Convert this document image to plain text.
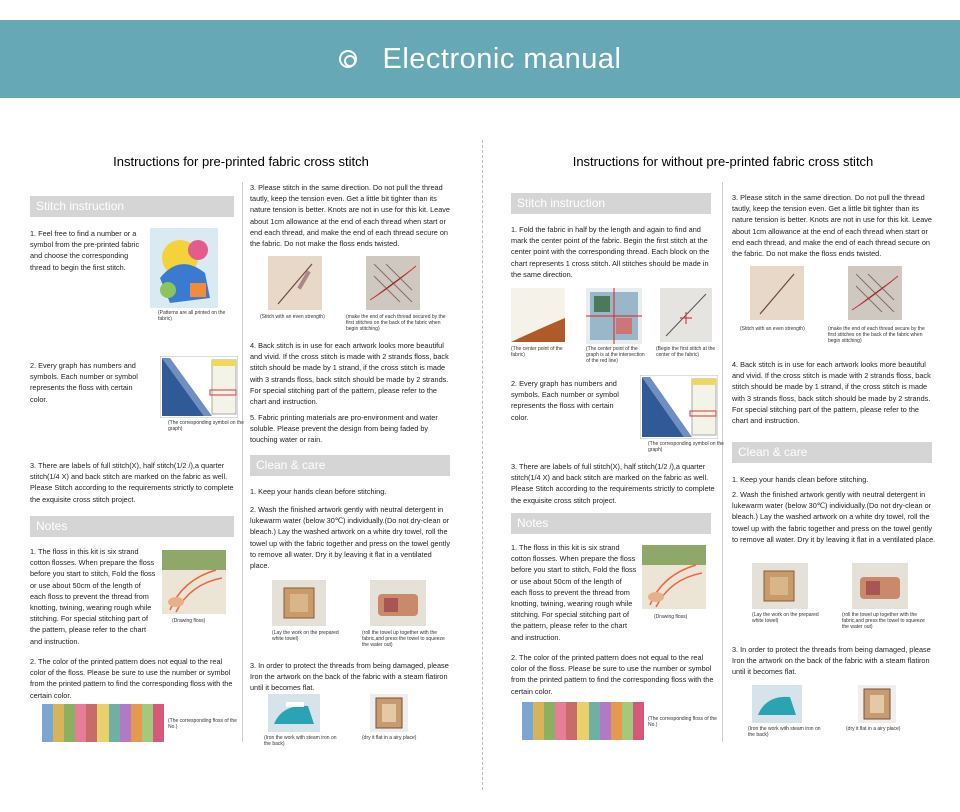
Electronic manual
Instructions for pre-printed fabric cross stitch
Stitch instruction
1. Feel free to find a number or a symbol from the pre-printed fabric and choose the corresponding thread to begin the first stitch.
(Patterns are all printed on the fabric)
2. Every graph has numbers and symbols. Each number or symbol represents the floss with certain color.
(The corresponding symbol on the graph)
3. There are labels of full stitch(X), half stitch(1/2 /),a quarter stitch(1/4 X) and back stitch are marked on the fabric as well. Please Stitch according to the requirements strictly to complete the exquisite cross stitch project.
Notes
1. The floss in this kit is six strand cotton flosses. When prepare the floss before you start to stitch, Fold the floss or use about 50cm of the length of each floss to prevent the thread from knotting, twining, wearing rough while stitching. For special stitching part of the pattern, please refer to the chart and instruction.
(Drawing floss)
2. The color of the printed pattern does not equal to the real color of the floss. Please be sure to use the number or symbol from the printed pattern to find the corresponding floss with the certain color.
(The corresponding floss of the No.)
3. Please stitch in the same direction. Do not pull the thread tautly, keep the tension even. Get a little bit tighter than its nature tension is better. Knots are not in use for this kit. Leave about 1cm allowance at the end of each thread when start or end each thread, and make the end of each thread secure on the fabric. Do not make the floss ends twisted.
(Stitch with an even strength)	(make the end of each thread secured by the first stitches on the back of the fabric when begin stitching)
4. Back stitch is in use for each artwork looks more beautiful and vivid. If the cross stitch is made with 2 strands floss, back stitch should be made by 1 strand, if the cross stitch is made with 3 strands floss, back stitch should be made by 2 strands. For special stitching part of the pattern, please refer to the chart and instruction.
5. Fabric printing materials are pro-environment and water soluble. Please prevent the design from being faded by touching water or rain.
Clean & care
1. Keep your hands clean before stitching.
2. Wash the finished artwork gently with neutral detergent in lukewarm water (below 30℃) individually.(Do not dry-clean or bleach.) Lay the washed artwork on a white dry towel, roll the towel up with the fabric together and press on the towel gently to remove all water. Dry it by leaving it flat in a ventilated place.
(Lay the work on the prepared white towel)
(roll the towel up together with the fabric,and press the towel to squeeze the water out)
3. In order to protect the threads from being damaged, please Iron the artwork on the back of the fabric with a steam flatiron until it becomes flat.
(Iron the work with steam iron on the back)
(dry it flat in a airy place)
Instructions for without pre-printed fabric cross stitch
Stitch instruction
1. Fold the fabric in half by the length and again to find and mark the center point of the fabric. Begin the first stitch at the center point with the corresponding thread. Each block on the chart represents 1 cross stitch. All stitches should be made in the same direction.
(The center point of the fabric)
(The center point of the graph is at the intersection of the red line)
(Begin the first stitch at the center of the fabric)
2. Every graph has numbers and symbols. Each number or symbol represents the floss with certain color.
(The corresponding symbol on the graph)
3. There are labels of full stitch(X), half stitch(1/2 /),a quarter stitch(1/4 X) and back stitch are marked on the fabric as well. Please Stitch according to the requirements strictly to complete the exquisite cross stitch project.
Notes
1. The floss in this kit is six strand cotton flosses. When prepare the floss before you start to stitch, Fold the floss or use about 50cm of the length of each floss to prevent the thread from knotting, twining, wearing rough while stitching. For special stitching part of the pattern, please refer to the chart and instruction.
(Drawing floss)
2. The color of the printed pattern does not equal to the real color of the floss. Please be sure to use the number or symbol from the printed pattern to find the corresponding floss with the certain color.
(The corresponding floss of the No.)
3. Please stitch in the same direction. Do not pull the thread tautly, keep the tension even. Get a little bit tighter than its nature tension is better. Knots are not in use for this kit. Leave about 1cm allowance at the end of each thread when start or end each thread, and make the end of each thread secure on the fabric. Do not make the floss ends twisted.
(Stitch with an even strength)	(make the end of each thread secure by the first stitches on the back of the fabric when begin stitching)
4. Back stitch is in use for each artwork looks more beautiful and vivid. If the cross stitch is made with 2 strands floss, back stitch should be made by 1 strand, if the cross stitch is made with 3 strands floss, back stitch should be made by 2 strands. For special stitching part of the pattern, please refer to the chart and instruction.
Clean & care
1. Keep your hands clean before stitching.
2. Wash the finished artwork gently with neutral detergent in lukewarm water (below 30℃) individually.(Do not dry-clean or bleach.) Lay the washed artwork on a white dry towel, roll the towel up with the fabric together and press on the towel gently to remove all water. Dry it by leaving it flat in a ventilated place.
(Lay the work on the prepared white towel)
(roll the towel up together with the fabric,and press the towel to squeeze the water out)
3. In order to protect the threads from being damaged, please Iron the artwork on the back of the fabric with a steam flatiron until it becomes flat.
(Iron the work with steam iron on the back)
(dry it flat in a airy place)
